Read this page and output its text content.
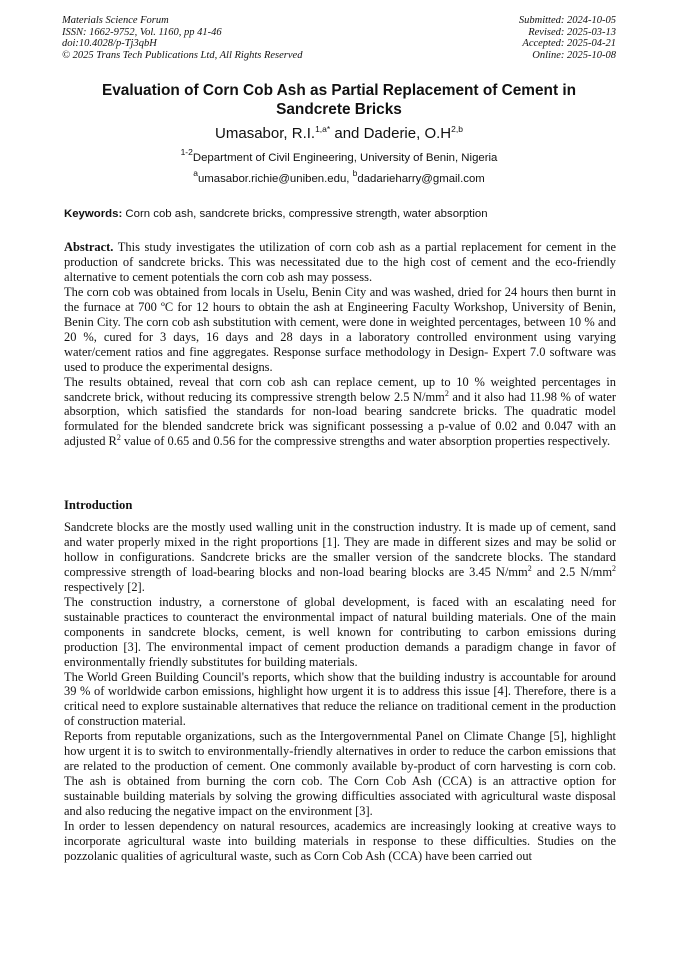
Materials Science Forum
ISSN: 1662-9752, Vol. 1160, pp 41-46
doi:10.4028/p-Tj3qbH
© 2025 Trans Tech Publications Ltd, All Rights Reserved
Submitted: 2024-10-05
Revised: 2025-03-13
Accepted: 2025-04-21
Online: 2025-10-08
Evaluation of Corn Cob Ash as Partial Replacement of Cement in
Sandcrete Bricks
Umasabor, R.I.$^{1,a*}$ and Daderie, $O.H^{2,b}$
$^{1-2}$Department of Civil Engineering, University of Benin, Nigeria
$^a$umasabor.richie@uniben.edu, $^b$dadarieharry@gmail.com
Keywords: Corn cob ash, sandcrete bricks, compressive strength, water absorption

Abstract. This study investigates the utilization of corn cob ash as a partial replacement for cement in the production of sandcrete bricks. This was necessitated due to the high cost of cement and the eco-friendly alternative to cement potentials the corn cob ash may possess.

The corn cob was obtained from locals in Uselu, Benin City and was washed, dried for 24 hours then burnt in the furnace at 700 ºC for 12 hours to obtain the ash at Engineering Faculty Workshop, University of Benin, Benin City. The corn cob ash substitution with cement, were done in weighted percentages, between 10 % and 20 %, cured for 3 days, 16 days and 28 days in a laboratory controlled environment using varying water/cement ratios and fine aggregates. Response surface methodology in Design- Expert 7.0 software was used to produce the experimental designs.

The results obtained, reveal that corn cob ash can replace cement, up to 10 % weighted percentages in sandcrete brick, without reducing its compressive strength below 2.5 $N/mm^2$ and it also had 11.98 % of water absorption, which satisfied the standards for non-load bearing sandcrete bricks. The quadratic model formulated for the blended sandcrete brick was significant possessing a p-value of 0.02 and 0.047 with an adjusted $R^2$ value of 0.65 and 0.56 for the compressive strengths and water absorption properties respectively.

Introduction

Sandcrete blocks are the mostly used walling unit in the construction industry. It is made up of cement, sand and water properly mixed in the right proportions [1]. They are made in different sizes and may be solid or hollow in configurations. Sandcrete bricks are the smaller version of the sandcrete blocks. The standard compressive strength of load-bearing blocks and non-load bearing blocks are 3.45 $N/mm^2$ and 2.5 $N/mm^2$ respectively [2].

The construction industry, a cornerstone of global development, is faced with an escalating need for sustainable practices to counteract the environmental impact of natural building materials. One of the main components in sandcrete blocks, cement, is well known for contributing to carbon emissions during production [3]. The environmental impact of cement production demands a paradigm change in favor of environmentally friendly substitutes for building materials.

The World Green Building Council's reports, which show that the building industry is accountable for around 39 % of worldwide carbon emissions, highlight how urgent it is to address this issue [4]. Therefore, there is a critical need to explore sustainable alternatives that reduce the reliance on traditional cement in the production of construction material.

Reports from reputable organizations, such as the Intergovernmental Panel on Climate Change [5], highlight how urgent it is to switch to environmentally-friendly alternatives in order to reduce the carbon emissions that are related to the production of cement. One commonly available by-product of corn harvesting is corn cob. The ash is obtained from burning the corn cob. The Corn Cob Ash (CCA) is an attractive option for sustainable building materials by solving the growing difficulties associated with agricultural waste disposal and also reducing the negative impact on the environment [3].

In order to lessen dependency on natural resources, academics are increasingly looking at creative ways to incorporate agricultural waste into building materials in response to these difficulties. Studies on the pozzolanic qualities of agricultural waste, such as Corn Cob Ash (CCA) have been carried out
